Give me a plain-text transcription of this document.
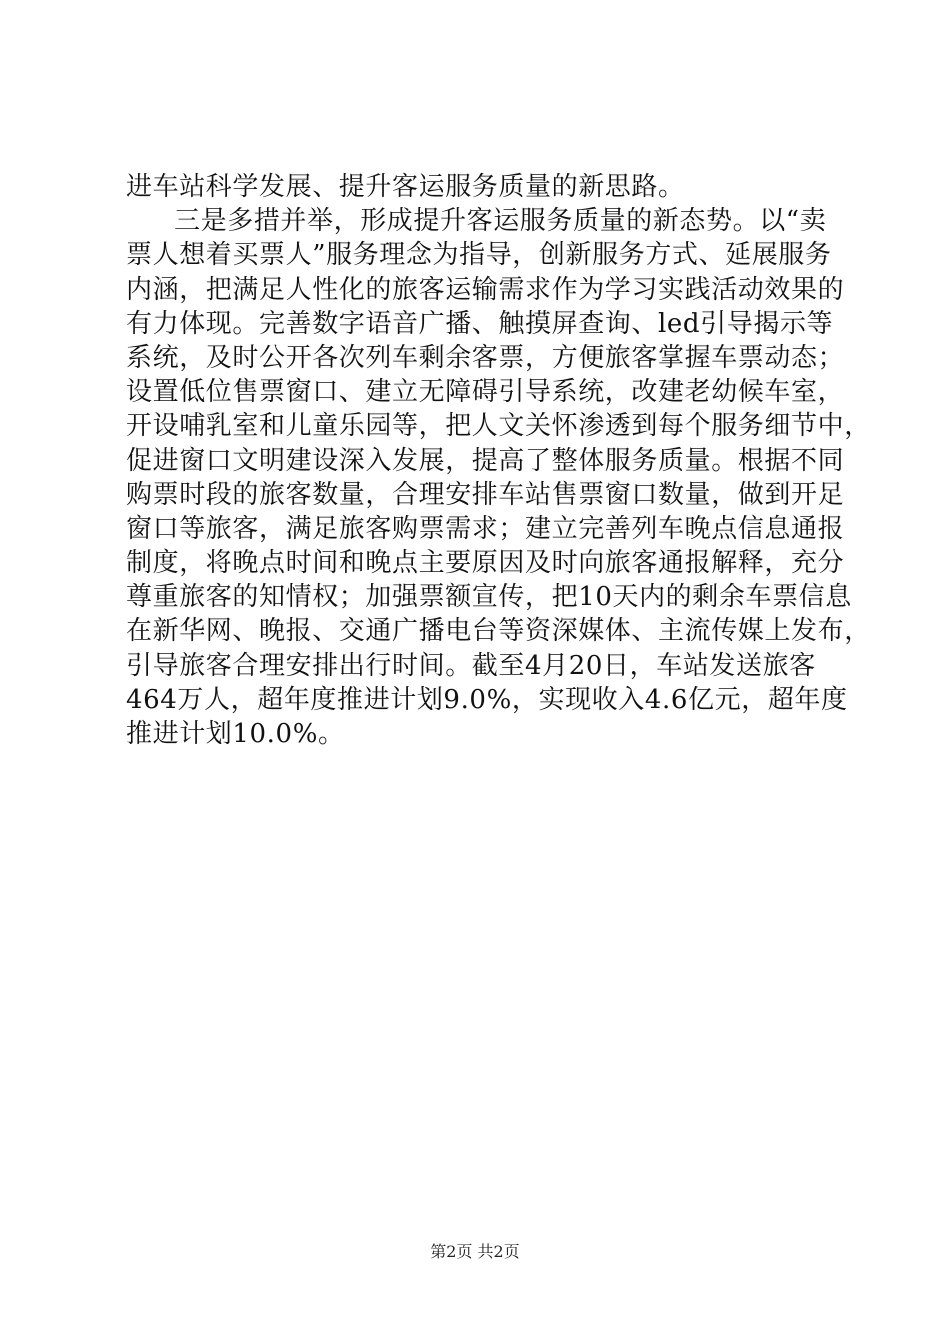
进车站科学发展、提升客运服务质量的新思路。
三是多措并举，形成提升客运服务质量的新态势。以“卖
票人想着买票人”服务理念为指导，创新服务方式、延展服务
内涵，把满足人性化的旅客运输需求作为学习实践活动效果的
有力体现。完善数字语音广播、触摸屏查询、led引导揭示等
系统，及时公开各次列车剩余客票，方便旅客掌握车票动态；
设置低位售票窗口、建立无障碍引导系统，改建老幼候车室，
开设哺乳室和儿童乐园等，把人文关怀渗透到每个服务细节中，
促进窗口文明建设深入发展，提高了整体服务质量。根据不同
购票时段的旅客数量，合理安排车站售票窗口数量，做到开足
窗口等旅客，满足旅客购票需求；建立完善列车晚点信息通报
制度，将晚点时间和晚点主要原因及时向旅客通报解释，充分
尊重旅客的知情权；加强票额宣传，把10天内的剩余车票信息
在新华网、晚报、交通广播电台等资深媒体、主流传媒上发布，
引导旅客合理安排出行时间。截至4月20日，车站发送旅客
464万人，超年度推进计划9.0%，实现收入4.6亿元，超年度
推进计划10.0%。
第2页 共2页
